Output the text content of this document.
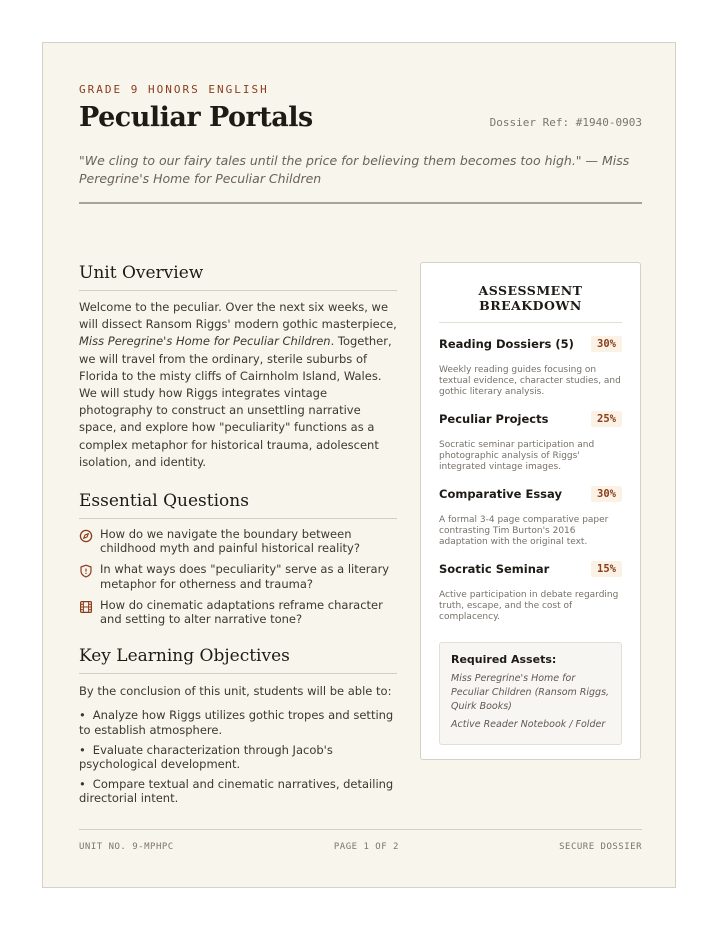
GRADE 9 HONORS ENGLISH

Peculiar Portals	Dossier Ref: #1940-0903
"We cling to our fairy tales until the price for believing them becomes too high." — Miss Peregrine's Home for Peculiar Children
Unit Overview

Welcome to the peculiar. Over the next six weeks, we will dissect Ransom Riggs' modern gothic masterpiece, Miss Peregrine's Home for Peculiar Children. Together, we will travel from the ordinary, sterile suburbs of Florida to the misty cliffs of Cairnholm Island, Wales. We will study how Riggs integrates vintage photography to construct an unsettling narrative space, and explore how "peculiarity" functions as a complex metaphor for historical trauma, adolescent isolation, and identity.

Essential Questions
How do we navigate the boundary between childhood myth and painful historical reality?
In what ways does "peculiarity" serve as a literary metaphor for otherness and trauma?
How do cinematic adaptations reframe character and setting to alter narrative tone?
Key Learning Objectives

By the conclusion of this unit, students will be able to:

• Analyze how Riggs utilizes gothic tropes and setting to establish atmosphere.
• Evaluate characterization through Jacob's psychological development.
• Compare textual and cinematic narratives, detailing directorial intent.
ASSESSMENT BREAKDOWN
Reading Dossiers (5)	30%
Weekly reading guides focusing on textual evidence, character studies, and gothic literary analysis.
Peculiar Projects	25%
Socratic seminar participation and photographic analysis of Riggs' integrated vintage images.
Comparative Essay	30%
A formal 3-4 page comparative paper contrasting Tim Burton's 2016 adaptation with the original text.
Socratic Seminar	15%
Active participation in debate regarding truth, escape, and the cost of complacency.
Required Assets:
Miss Peregrine's Home for Peculiar Children (Ransom Riggs, Quirk Books)
Active Reader Notebook / Folder
UNIT NO. 9-MPHPC	PAGE 1 OF 2	SECURE DOSSIER
